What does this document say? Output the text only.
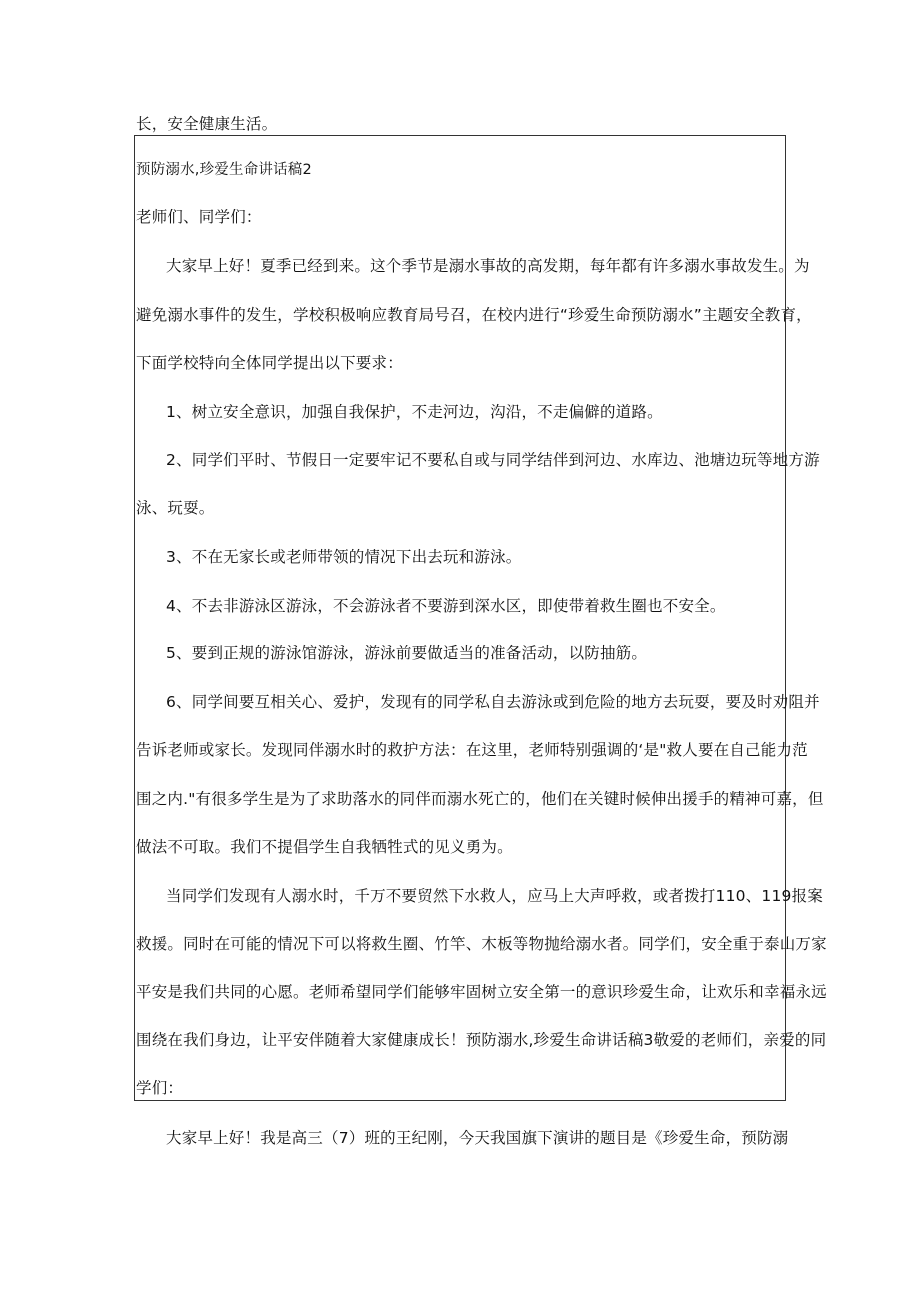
长，安全健康生活。
预防溺水,珍爱生命讲话稿2
老师们、同学们：
大家早上好！夏季已经到来。这个季节是溺水事故的高发期，每年都有许多溺水事故发生。为
避免溺水事件的发生，学校积极响应教育局号召，在校内进行“珍爱生命预防溺水”主题安全教育，
下面学校特向全体同学提出以下要求：
1、树立安全意识，加强自我保护，不走河边，沟沿，不走偏僻的道路。
2、同学们平时、节假日一定要牢记不要私自或与同学结伴到河边、水库边、池塘边玩等地方游
泳、玩耍。
3、不在无家长或老师带领的情况下出去玩和游泳。
4、不去非游泳区游泳，不会游泳者不要游到深水区，即使带着救生圈也不安全。
5、要到正规的游泳馆游泳，游泳前要做适当的准备活动，以防抽筋。
6、同学间要互相关心、爱护，发现有的同学私自去游泳或到危险的地方去玩耍，要及时劝阻并
告诉老师或家长。发现同伴溺水时的救护方法：在这里，老师特别强调的‘是"救人要在自己能力范
围之内."有很多学生是为了求助落水的同伴而溺水死亡的，他们在关键时候伸出援手的精神可嘉，但
做法不可取。我们不提倡学生自我牺牲式的见义勇为。
当同学们发现有人溺水时，千万不要贸然下水救人，应马上大声呼救，或者拨打110、119报案
救援。同时在可能的情况下可以将救生圈、竹竿、木板等物抛给溺水者。同学们，安全重于泰山万家
平安是我们共同的心愿。老师希望同学们能够牢固树立安全第一的意识珍爱生命，让欢乐和幸福永远
围绕在我们身边，让平安伴随着大家健康成长！预防溺水,珍爱生命讲话稿3敬爱的老师们，亲爱的同
学们：
大家早上好！我是高三（7）班的王纪刚，今天我国旗下演讲的题目是《珍爱生命，预防溺
